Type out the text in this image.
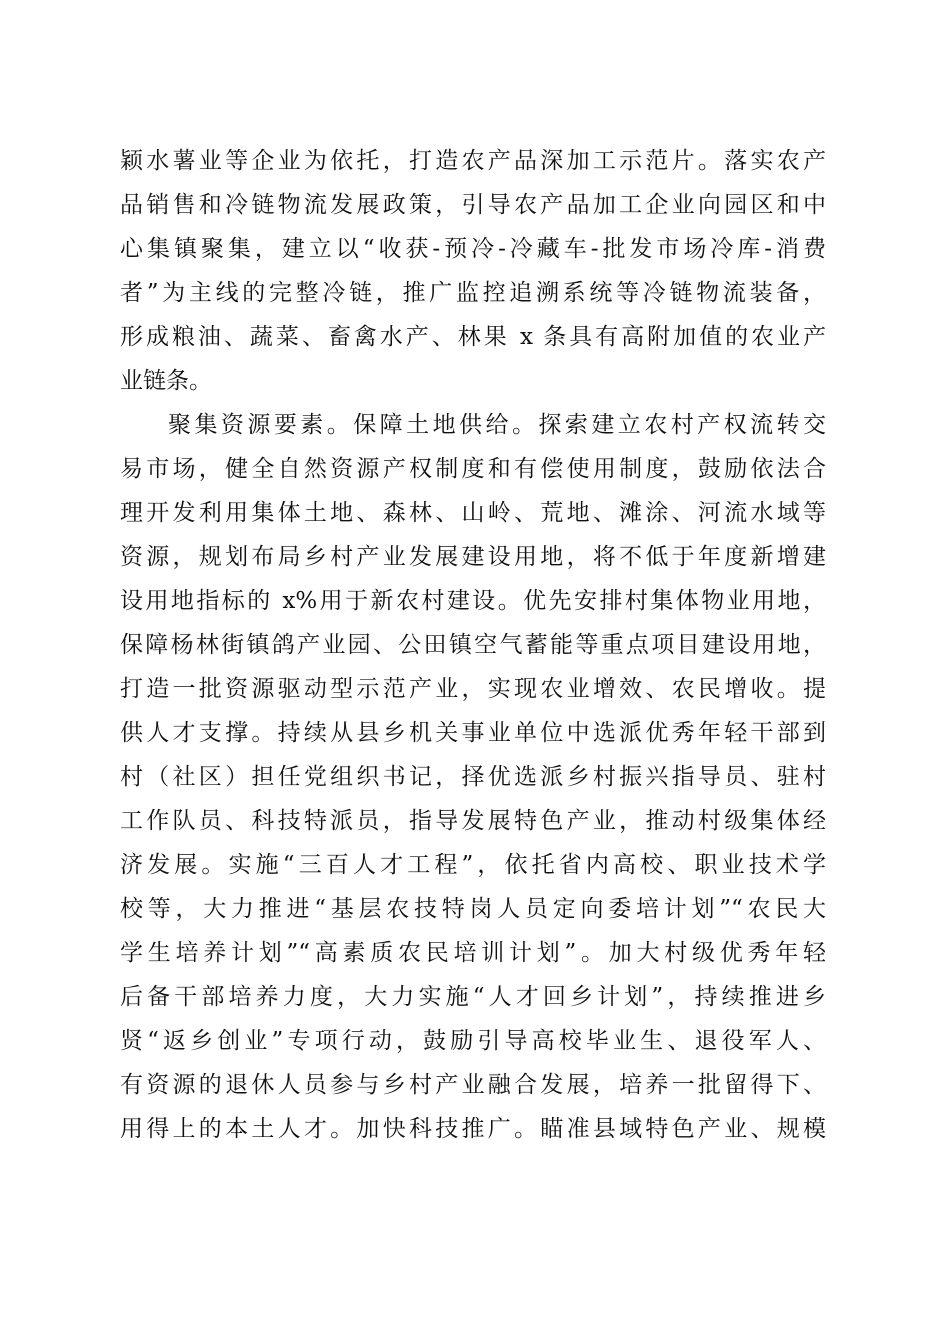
颖水薯业等企业为依托，打造农产品深加工示范片。落实农产
品销售和冷链物流发展政策，引导农产品加工企业向园区和中
心集镇聚集，建立以“收获-预冷-冷藏车-批发市场冷库-消费
者”为主线的完整冷链，推广监控追溯系统等冷链物流装备，
形成粮油、蔬菜、畜禽水产、林果 x 条具有高附加值的农业产
业链条。
聚集资源要素。保障土地供给。探索建立农村产权流转交
易市场，健全自然资源产权制度和有偿使用制度，鼓励依法合
理开发利用集体土地、森林、山岭、荒地、滩涂、河流水域等
资源，规划布局乡村产业发展建设用地，将不低于年度新增建
设用地指标的 x%用于新农村建设。优先安排村集体物业用地，
保障杨林街镇鸽产业园、公田镇空气蓄能等重点项目建设用地，
打造一批资源驱动型示范产业，实现农业增效、农民增收。提
供人才支撑。持续从县乡机关事业单位中选派优秀年轻干部到
村（社区）担任党组织书记，择优选派乡村振兴指导员、驻村
工作队员、科技特派员，指导发展特色产业，推动村级集体经
济发展。实施“三百人才工程”，依托省内高校、职业技术学
校等，大力推进“基层农技特岗人员定向委培计划”“农民大
学生培养计划”“高素质农民培训计划”。加大村级优秀年轻
后备干部培养力度，大力实施“人才回乡计划”，持续推进乡
贤“返乡创业”专项行动，鼓励引导高校毕业生、退役军人、
有资源的退休人员参与乡村产业融合发展，培养一批留得下、
用得上的本土人才。加快科技推广。瞄准县域特色产业、规模
